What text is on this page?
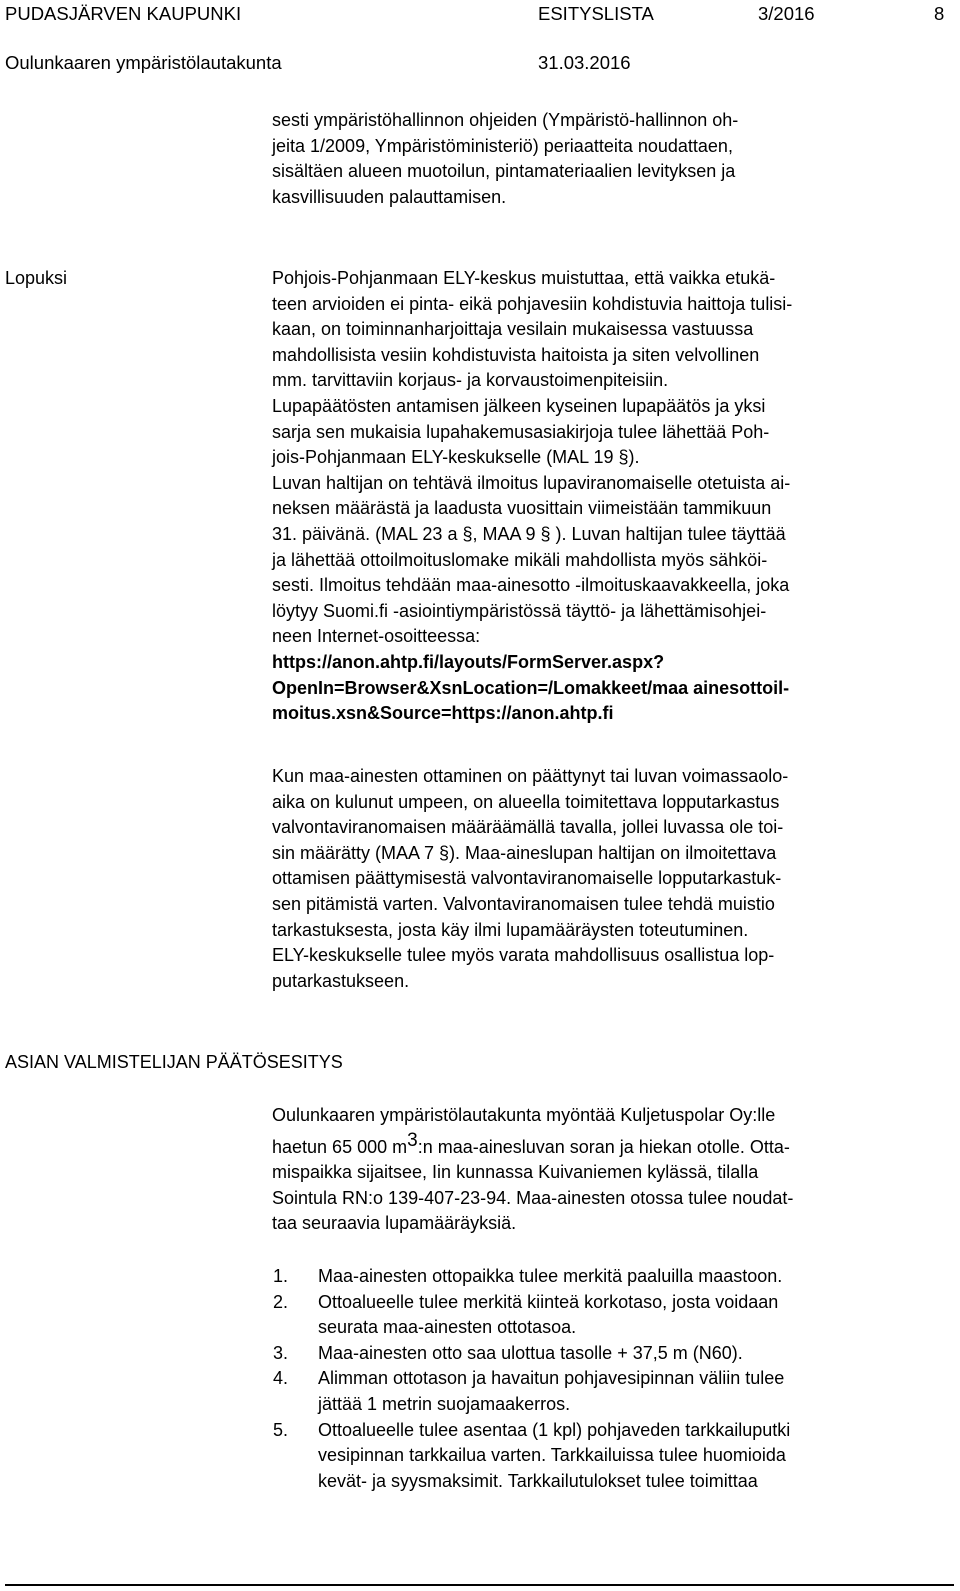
PUDASJÄRVEN KAUPUNKI	ESITYSLISTA	3/2016	8
Oulunkaaren ympäristölautakunta	31.03.2016
sesti ympäristöhallinnon ohjeiden (Ympäristö-hallinnon oh-
jeita 1/2009, Ympäristöministeriö) periaatteita noudattaen,
sisältäen alueen muotoilun, pintamateriaalien levityksen ja
kasvillisuuden palauttamisen.
Lopuksi	Pohjois-Pohjanmaan ELY-keskus muistuttaa, että vaikka etukä-
teen arvioiden ei pinta- eikä pohjavesiin kohdistuvia haittoja tulisi-
kaan, on toiminnanharjoittaja vesilain mukaisessa vastuussa
mahdollisista vesiin kohdistuvista haitoista ja siten velvollinen
mm. tarvittaviin korjaus- ja korvaustoimenpiteisiin.
Lupapäätösten antamisen jälkeen kyseinen lupapäätös ja yksi
sarja sen mukaisia lupahakemusasiakirjoja tulee lähettää Poh-
jois-Pohjanmaan ELY-keskukselle (MAL 19 §).
Luvan haltijan on tehtävä ilmoitus lupaviranomaiselle otetuista ai-
neksen määrästä ja laadusta vuosittain viimeistään tammikuun
31. päivänä. (MAL 23 a §, MAA 9 § ). Luvan haltijan tulee täyttää
ja lähettää ottoilmoituslomake mikäli mahdollista myös sähköi-
sesti. Ilmoitus tehdään maa-ainesotto -ilmoituskaavakkeella, joka
löytyy Suomi.fi -asiointiympäristössä täyttö- ja lähettämisohjei-
neen Internet-osoitteessa:
https://anon.ahtp.fi/layouts/FormServer.aspx?
OpenIn=Browser&XsnLocation=/Lomakkeet/maa ainesottoil-
moitus.xsn&Source=https://anon.ahtp.fi
Kun maa-ainesten ottaminen on päättynyt tai luvan voimassaolo-
aika on kulunut umpeen, on alueella toimitettava lopputarkastus
valvontaviranomaisen määräämällä tavalla, jollei luvassa ole toi-
sin määrätty (MAA 7 §). Maa-aineslupan haltijan on ilmoitettava
ottamisen päättymisestä valvontaviranomaiselle lopputarkastuk-
sen pitämistä varten. Valvontaviranomaisen tulee tehdä muistio
tarkastuksesta, josta käy ilmi lupamääräysten toteutuminen.
ELY-keskukselle tulee myös varata mahdollisuus osallistua lop-
putarkastukseen.
ASIAN VALMISTELIJAN PÄÄTÖSESITYS
Oulunkaaren ympäristölautakunta myöntää Kuljetuspolar Oy:lle
haetun 65 000 $m^3:n$ maa-ainesluvan soran ja hiekan otolle. Otta-
mispaikka sijaitsee, Iin kunnassa Kuivaniemen kylässä, tilalla
Sointula RN:o 139-407-23-94. Maa-ainesten otossa tulee noudat-
taa seuraavia lupamääräyksiä.
1. Maa-ainesten ottopaikka tulee merkitä paaluilla maastoon.
2. Ottoalueelle tulee merkitä kiinteä korkotaso, josta voidaan
seurata maa-ainesten ottotasoa.
3. Maa-ainesten otto saa ulottua tasolle + 37,5 m (N60).
4. Alimman ottotason ja havaitun pohjavesipinnan väliin tulee
jättää 1 metrin suojamaakerros.
5. Ottoalueelle tulee asentaa (1 kpl) pohjaveden tarkkailuputki
vesipinnan tarkkailua varten. Tarkkailuissa tulee huomioida
kevät- ja syysmaksimit. Tarkkailutulokset tulee toimittaa
